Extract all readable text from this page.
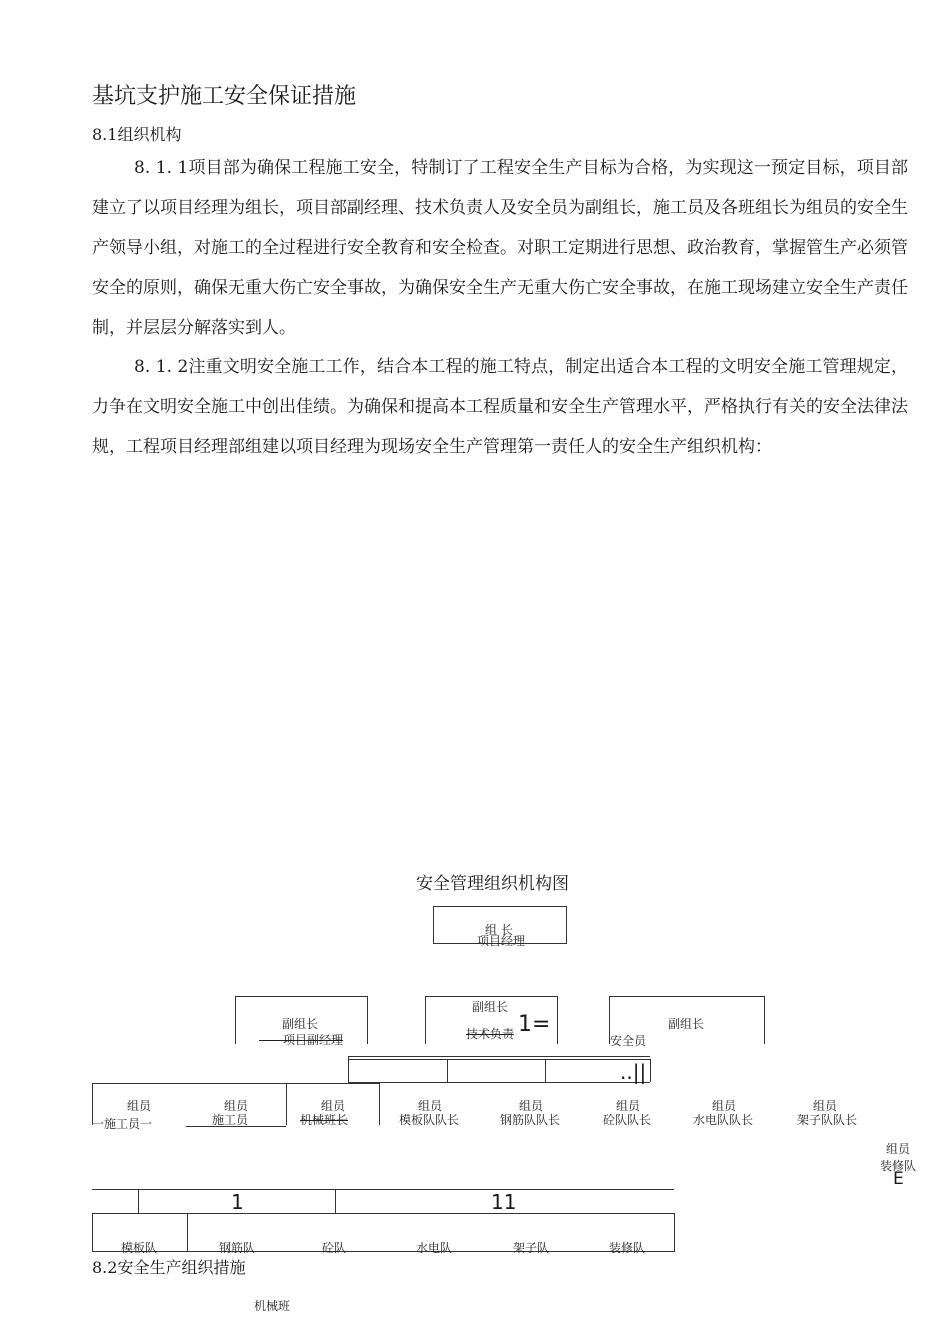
基坑支护施工安全保证措施
8.1组织机构

8. 1. 1项目部为确保工程施工安全，特制订了工程安全生产目标为合格，为实现这一预定目标，项目部建立了以项目经理为组长，项目部副经理、技术负责人及安全员为副组长，施工员及各班组长为组员的安全生产领导小组，对施工的全过程进行安全教育和安全检查。对职工定期进行思想、政治教育，掌握管生产必须管安全的原则，确保无重大伤亡安全事故，为确保安全生产无重大伤亡安全事故，在施工现场建立安全生产责任制，并层层分解落实到人。

8. 1. 2注重文明安全施工工作，结合本工程的施工特点，制定出适合本工程的文明安全施工管理规定，力争在文明安全施工中创出佳绩。为确保和提高本工程质量和安全生产管理水平，严格执行有关的安全法律法规，工程项目经理部组建以项目经理为现场安全生产管理第一责任人的安全生产组织机构：

安全管理组织机构图
组 长
项目经理
副组长
——项目副经理
副组长
技术负责 1=	副组长
安全员
..||
组员
一施工员一
组员
施工员
组员
机械班长
组员
模板队队长
组员
钢筋队队长
组员
砼队队长
组员
水电队队长
组员
架子队队长
组员
装修队
E
1	11
模板队	钢筋队	砼队	水电队	架子队	装修队
8.2安全生产组织措施
机械班
